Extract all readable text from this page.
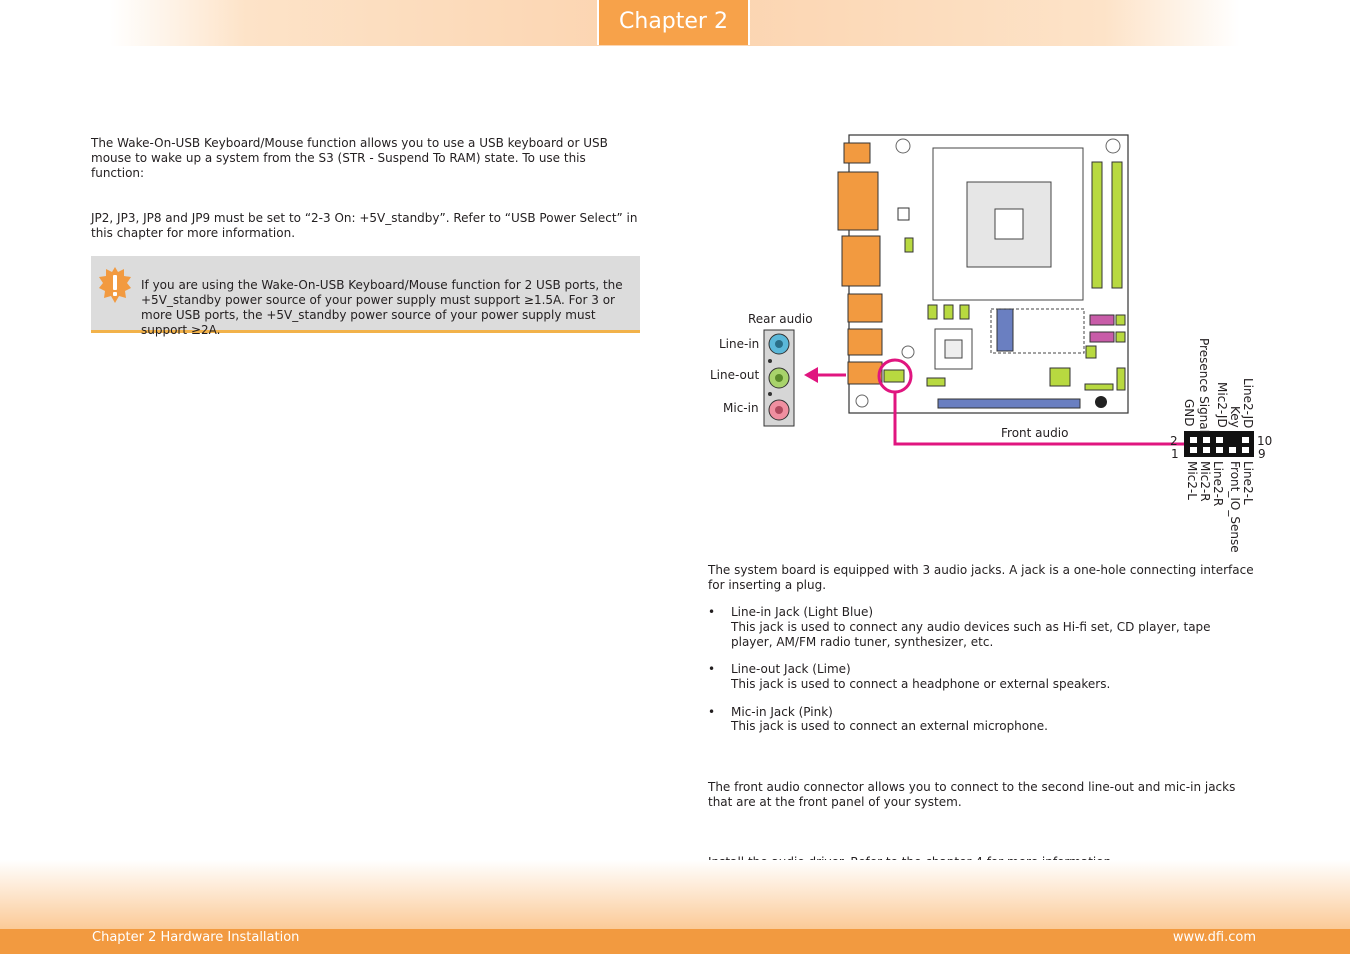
Chapter 2

The Wake-On-USB Keyboard/Mouse function allows you to use a USB keyboard or USB mouse to wake up a system from the S3 (STR - Suspend To RAM) state. To use this function:

JP2, JP3, JP8 and JP9 must be set to “2-3 On: +5V_standby”. Refer to “USB Power Select” in this chapter for more information.

If you are using the Wake-On-USB Keyboard/Mouse function for 2 USB ports, the +5V_standby power source of your power supply must support ≥1.5A. For 3 or more USB ports, the +5V_standby power source of your power supply must support ≥2A.

Rear audio
Line-in
Line-out
Mic-in
Front audio
2
1
10
9
Line2-JD
Key
Mic2-JD
Presence Signal
GND
Line2-L
Front_IO_Sense
Line2-R
Mic2-R
Mic2-L

The system board is equipped with 3 audio jacks. A jack is a one-hole connecting interface for inserting a plug.

• Line-in Jack (Light Blue)

This jack is used to connect any audio devices such as Hi-fi set, CD player, tape player, AM/FM radio tuner, synthesizer, etc.

• Line-out Jack (Lime)

This jack is used to connect a headphone or external speakers.

• Mic-in Jack (Pink)

This jack is used to connect an external microphone.

The front audio connector allows you to connect to the second line-out and mic-in jacks that are at the front panel of your system.

Chapter 2 Hardware Installation	www.dfi.com
